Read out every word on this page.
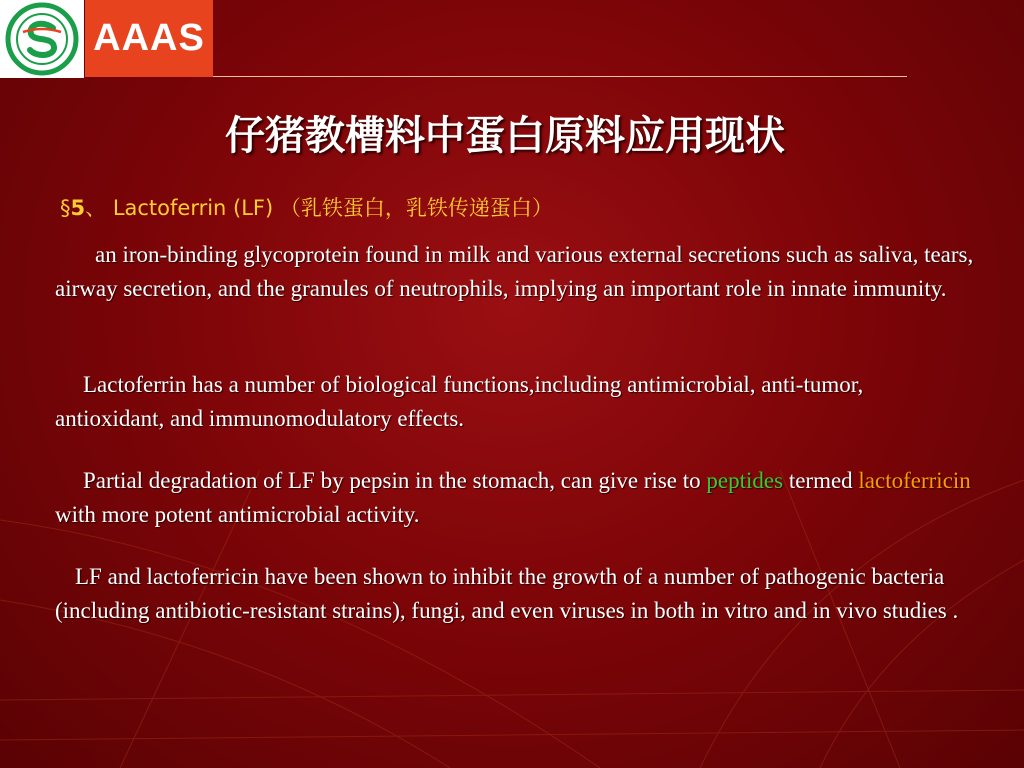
AAAS
仔猪教槽料中蛋白原料应用现状
§5、 Lactoferrin (LF) （乳铁蛋白，乳铁传递蛋白）
an iron-binding glycoprotein found in milk and various external secretions such as saliva, tears, airway secretion, and the granules of neutrophils, implying an important role in innate immunity.
Lactoferrin has a number of biological functions,including antimicrobial, anti-tumor, antioxidant, and immunomodulatory effects.
Partial degradation of LF by pepsin in the stomach, can give rise to peptides termed lactoferricin with more potent antimicrobial activity.
LF and lactoferricin have been shown to inhibit the growth of a number of pathogenic bacteria (including antibiotic-resistant strains), fungi, and even viruses in both in vitro and in vivo studies .
